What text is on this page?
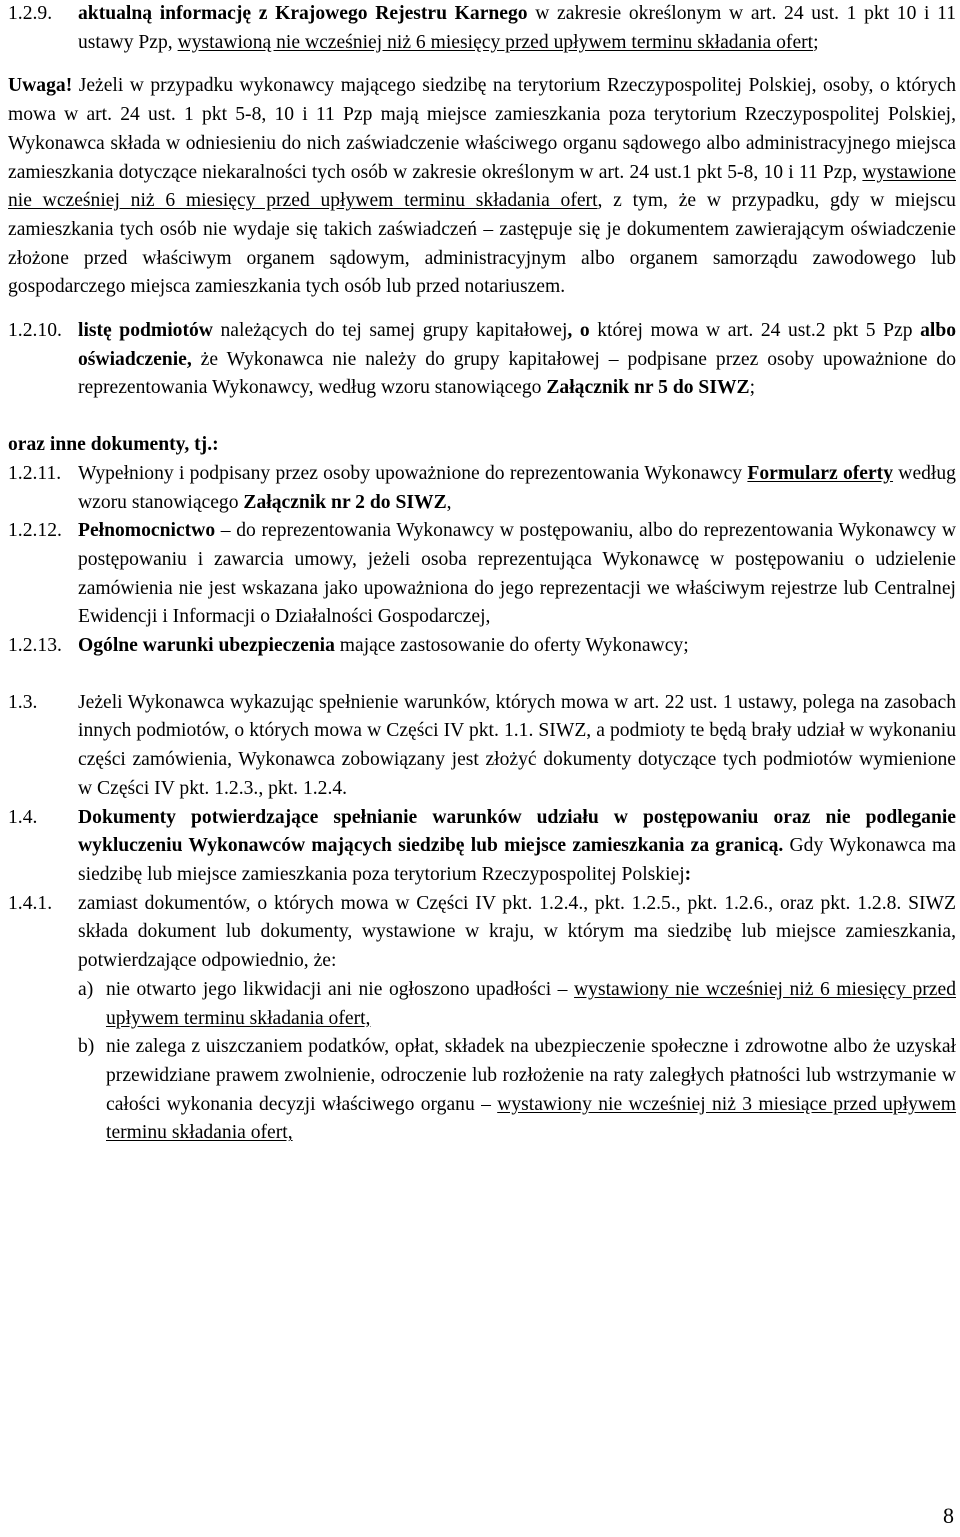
1.2.9.	aktualną informację z Krajowego Rejestru Karnego w zakresie określonym w art. 24 ust. 1 pkt 10 i 11 ustawy Pzp, wystawioną nie wcześniej niż 6 miesięcy przed upływem terminu składania ofert;
Uwaga! Jeżeli w przypadku wykonawcy mającego siedzibę na terytorium Rzeczypospolitej Polskiej, osoby, o których mowa w art. 24 ust. 1 pkt 5-8, 10 i 11 Pzp mają miejsce zamieszkania poza terytorium Rzeczypospolitej Polskiej, Wykonawca składa w odniesieniu do nich zaświadczenie właściwego organu sądowego albo administracyjnego miejsca zamieszkania dotyczące niekaralności tych osób w zakresie określonym w art. 24 ust.1 pkt 5-8, 10 i 11 Pzp, wystawione nie wcześniej niż 6 miesięcy przed upływem terminu składania ofert, z tym, że w przypadku, gdy w miejscu zamieszkania tych osób nie wydaje się takich zaświadczeń – zastępuje się je dokumentem zawierającym oświadczenie złożone przed właściwym organem sądowym, administracyjnym albo organem samorządu zawodowego lub gospodarczego miejsca zamieszkania tych osób lub przed notariuszem.
1.2.10. listę podmiotów należących do tej samej grupy kapitałowej, o której mowa w art. 24 ust.2 pkt 5 Pzp albo oświadczenie, że Wykonawca nie należy do grupy kapitałowej – podpisane przez osoby upoważnione do reprezentowania Wykonawcy, według wzoru stanowiącego Załącznik nr 5 do SIWZ;
oraz inne dokumenty, tj.:
1.2.11. Wypełniony i podpisany przez osoby upoważnione do reprezentowania Wykonawcy Formularz oferty według wzoru stanowiącego Załącznik nr 2 do SIWZ,
1.2.12. Pełnomocnictwo – do reprezentowania Wykonawcy w postępowaniu, albo do reprezentowania Wykonawcy w postępowaniu i zawarcia umowy, jeżeli osoba reprezentująca Wykonawcę w postępowaniu o udzielenie zamówienia nie jest wskazana jako upoważniona do jego reprezentacji we właściwym rejestrze lub Centralnej Ewidencji i Informacji o Działalności Gospodarczej,
1.2.13. Ogólne warunki ubezpieczenia mające zastosowanie do oferty Wykonawcy;
1.3.	Jeżeli Wykonawca wykazując spełnienie warunków, których mowa w art. 22 ust. 1 ustawy, polega na zasobach innych podmiotów, o których mowa w Części IV pkt. 1.1. SIWZ, a podmioty te będą brały udział w wykonaniu części zamówienia, Wykonawca zobowiązany jest złożyć dokumenty dotyczące tych podmiotów wymienione w Części IV pkt. 1.2.3., pkt. 1.2.4.
1.4.	Dokumenty potwierdzające spełnianie warunków udziału w postępowaniu oraz nie podleganie wykluczeniu Wykonawców mających siedzibę lub miejsce zamieszkania za granicą. Gdy Wykonawca ma siedzibę lub miejsce zamieszkania poza terytorium Rzeczypospolitej Polskiej:
1.4.1.	zamiast dokumentów, o których mowa w Części IV pkt. 1.2.4., pkt. 1.2.5., pkt. 1.2.6., oraz pkt. 1.2.8. SIWZ składa dokument lub dokumenty, wystawione w kraju, w którym ma siedzibę lub miejsce zamieszkania, potwierdzające odpowiednio, że:
a) nie otwarto jego likwidacji ani nie ogłoszono upadłości – wystawiony nie wcześniej niż 6 miesięcy przed upływem terminu składania ofert,
b) nie zalega z uiszczaniem podatków, opłat, składek na ubezpieczenie społeczne i zdrowotne albo że uzyskał przewidziane prawem zwolnienie, odroczenie lub rozłożenie na raty zaległych płatności lub wstrzymanie w całości wykonania decyzji właściwego organu – wystawiony nie wcześniej niż 3 miesiące przed upływem terminu składania ofert,
8
